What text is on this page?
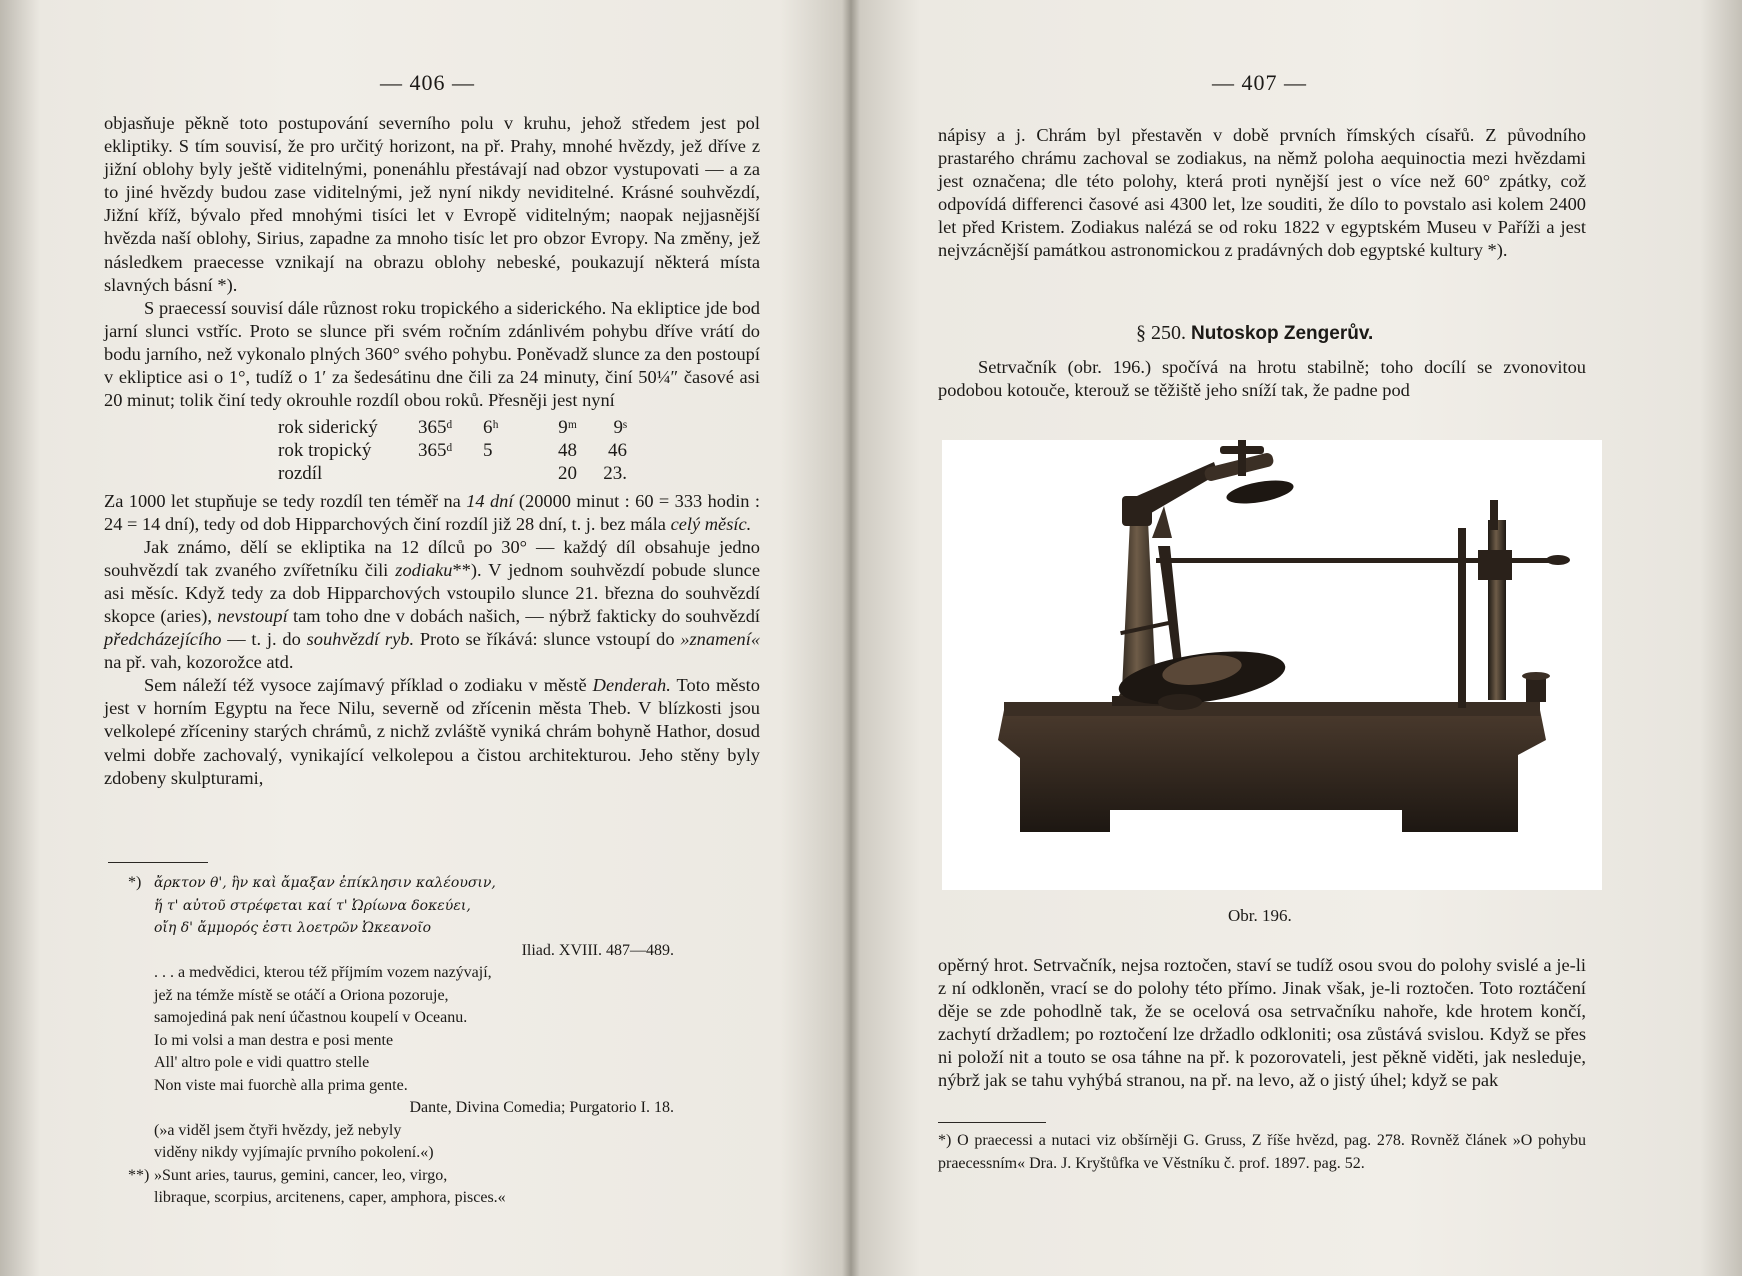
— 406 —

objasňuje pěkně toto postupování severního polu v kruhu, jehož středem jest pol ekliptiky. S tím souvisí, že pro určitý horizont, na př. Prahy, mnohé hvězdy, jež dříve z jižní oblohy byly ještě viditelnými, ponenáhlu přestávají nad obzor vystupovati — a za to jiné hvězdy budou zase viditelnými, jež nyní nikdy neviditelné. Krásné souhvězdí, Jižní kříž, bývalo před mnohými tisíci let v Evropě viditelným; naopak nejjasnější hvězda naší oblohy, Sirius, zapadne za mnoho tisíc let pro obzor Evropy. Na změny, jež následkem praecesse vznikají na obrazu oblohy nebeské, poukazují některá místa slavných básní *).

S praecessí souvisí dále různost roku tropického a siderického. Na ekliptice jde bod jarní slunci vstříc. Proto se slunce při svém ročním zdánlivém pohybu dříve vrátí do bodu jarního, než vykonalo plných 360° svého pohybu. Poněvadž slunce za den postoupí v ekliptice asi o 1°, tudíž o 1′ za šedesátinu dne čili za 24 minuty, činí 50¼″ časové asi 20 minut; tolik činí tedy okrouhle rozdíl obou roků. Přesněji jest nyní

rok siderický	365ᵈ	6ʰ	9ᵐ	9ˢ
rok tropický	365ᵈ	5	48	46
rozdíl			20	23.

Za 1000 let stupňuje se tedy rozdíl ten téměř na 14 dní (20000 minut : 60 = 333 hodin : 24 = 14 dní), tedy od dob Hipparchových činí rozdíl již 28 dní, t. j. bez mála celý měsíc.

Jak známo, dělí se ekliptika na 12 dílců po 30° — každý díl obsahuje jedno souhvězdí tak zvaného zvířetníku čili zodiaku**). V jednom souhvězdí pobude slunce asi měsíc. Když tedy za dob Hipparchových vstoupilo slunce 21. března do souhvězdí skopce (aries), nevstoupí tam toho dne v dobách našich, — nýbrž fakticky do souhvězdí předcházejícího — t. j. do souhvězdí ryb. Proto se říkává: slunce vstoupí do »znamení« na př. vah, kozorožce atd.

Sem náleží též vysoce zajímavý příklad o zodiaku v městě Denderah. Toto město jest v horním Egyptu na řece Nilu, severně od zřícenin města Theb. V blízkosti jsou velkolepé zříceniny starých chrámů, z nichž zvláště vyniká chrám bohyně Hathor, dosud velmi dobře zachovalý, vynikající velkolepou a čistou architekturou. Jeho stěny byly zdobeny skulpturami,

*) ἄρκτον θ', ἣν καὶ ἄμαξαν ἐπίκλησιν καλέουσιν,
ἥ τ' αὐτοῦ στρέφεται καί τ' Ὠρίωνα δοκεύει,
οἴη δ' ἄμμορός ἐστι λοετρῶν Ὠκεανοῖο
Iliad. XVIII. 487—489.
. . . a medvědici, kterou též příjmím vozem nazývají,
jež na témže místě se otáčí a Oriona pozoruje,
samojediná pak není účastnou koupelí v Oceanu.
Io mi volsi a man destra e posi mente
All' altro pole e vidi quattro stelle
Non viste mai fuorchè alla prima gente.
Dante, Divina Comedia; Purgatorio I. 18.
(»a viděl jsem čtyři hvězdy, jež nebyly
viděny nikdy vyjímajíc prvního pokolení.«)
**) »Sunt aries, taurus, gemini, cancer, leo, virgo,
libraque, scorpius, arcitenens, caper, amphora, pisces.«
— 407 —

nápisy a j. Chrám byl přestavěn v době prvních římských císařů. Z původního prastarého chrámu zachoval se zodiakus, na němž poloha aequinoctia mezi hvězdami jest označena; dle této polohy, která proti nynější jest o více než 60° zpátky, což odpovídá differenci časové asi 4300 let, lze souditi, že dílo to povstalo asi kolem 2400 let před Kristem. Zodiakus nalézá se od roku 1822 v egyptském Museu v Paříži a jest nejvzácnější památkou astronomickou z pradávných dob egyptské kultury *).

Setrvačník (obr. 196.) spočívá na hrotu stabilně; toho docílí se zvonovitou podobou kotouče, kterouž se těžiště jeho sníží tak, že padne pod

opěrný hrot. Setrvačník, nejsa roztočen, staví se tudíž osou svou do polohy svislé a je-li z ní odkloněn, vrací se do polohy této přímo. Jinak však, je-li roztočen. Toto roztáčení děje se zde pohodlně tak, že se ocelová osa setrvačníku nahoře, kde hrotem končí, zachytí držadlem; po roztočení lze držadlo odkloniti; osa zůstává svislou. Když se přes ni položí nit a touto se osa táhne na př. k pozorovateli, jest pěkně viděti, jak nesleduje, nýbrž jak se tahu vyhýbá stranou, na př. na levo, až o jistý úhel; když se pak

*) O praecessi a nutaci viz obšírněji G. Gruss, Z říše hvězd, pag. 278. Rovněž článek »O pohybu praecessním« Dra. J. Kryštůfka ve Věstníku č. prof. 1897. pag. 52.
§ 250. Nutoskop Zengerův.
Obr. 196.
